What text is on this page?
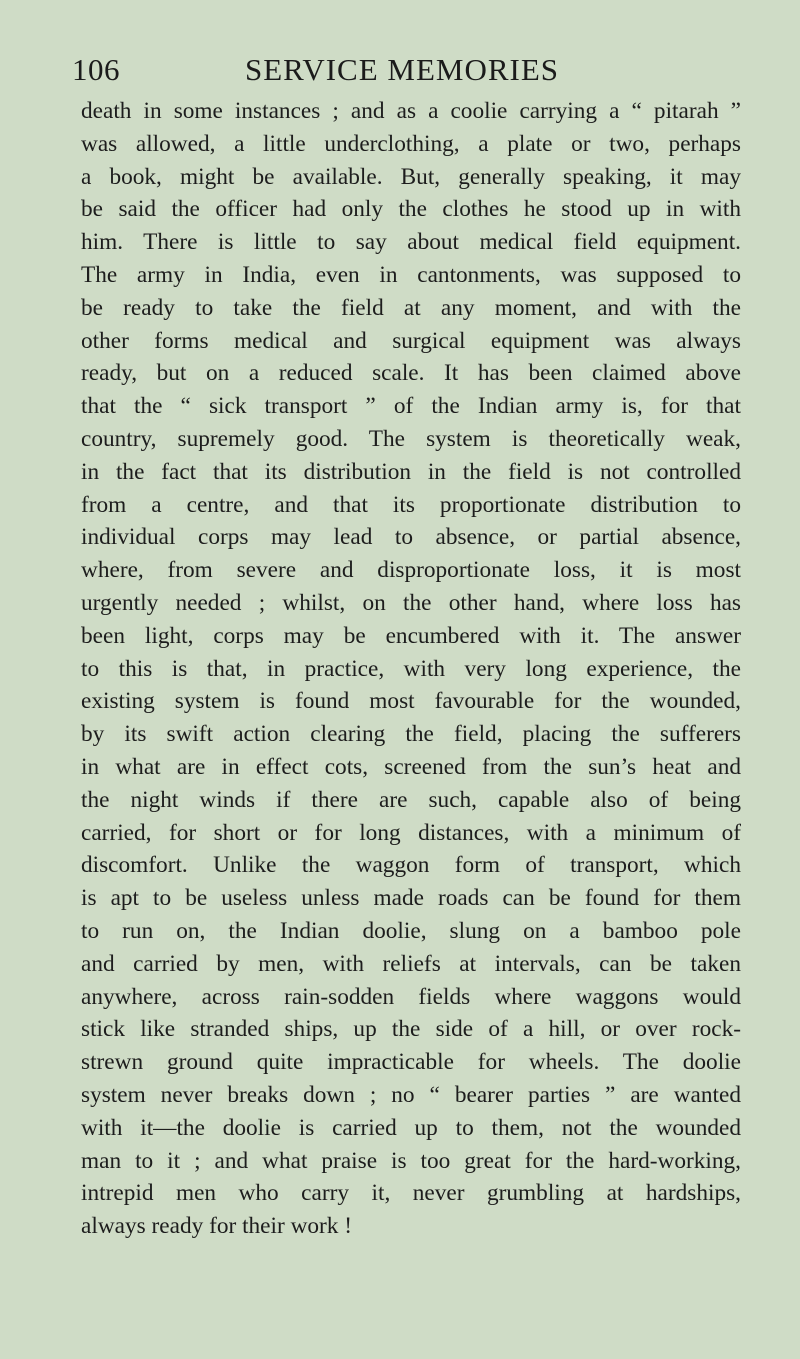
106	SERVICE MEMORIES
death in some instances ; and as a coolie carrying a “ pitarah ”
was allowed, a little underclothing, a plate or two, perhaps
a book, might be available. But, generally speaking, it may
be said the officer had only the clothes he stood up in with
him. There is little to say about medical field equipment.
The army in India, even in cantonments, was supposed to
be ready to take the field at any moment, and with the
other forms medical and surgical equipment was always
ready, but on a reduced scale. It has been claimed above
that the “ sick transport ” of the Indian army is, for that
country, supremely good. The system is theoretically weak,
in the fact that its distribution in the field is not controlled
from a centre, and that its proportionate distribution to
individual corps may lead to absence, or partial absence,
where, from severe and disproportionate loss, it is most
urgently needed ; whilst, on the other hand, where loss has
been light, corps may be encumbered with it. The answer
to this is that, in practice, with very long experience, the
existing system is found most favourable for the wounded,
by its swift action clearing the field, placing the sufferers
in what are in effect cots, screened from the sun’s heat and
the night winds if there are such, capable also of being
carried, for short or for long distances, with a minimum of
discomfort. Unlike the waggon form of transport, which
is apt to be useless unless made roads can be found for them
to run on, the Indian doolie, slung on a bamboo pole
and carried by men, with reliefs at intervals, can be taken
anywhere, across rain-sodden fields where waggons would
stick like stranded ships, up the side of a hill, or over rock-
strewn ground quite impracticable for wheels. The doolie
system never breaks down ; no “ bearer parties ” are wanted
with it—the doolie is carried up to them, not the wounded
man to it ; and what praise is too great for the hard-working,
intrepid men who carry it, never grumbling at hardships,
always ready for their work !
